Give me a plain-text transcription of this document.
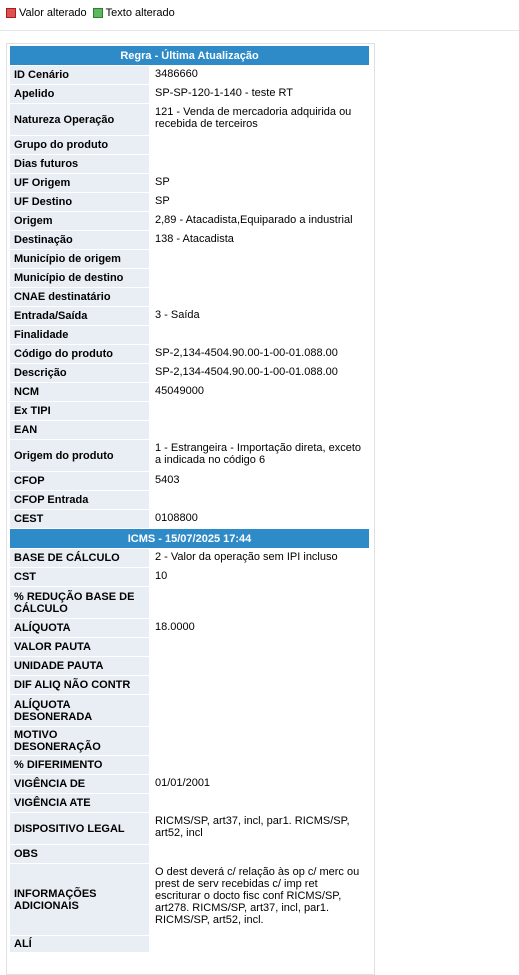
Valor alterado Texto alterado
Regra - Última Atualização	
ID Cenário	3486660
Apelido	SP-SP-120-1-140 - teste RT
Natureza Operação	121 - Venda de mercadoria adquirida ou recebida de terceiros
Grupo do produto	
Dias futuros	
UF Origem	SP
UF Destino	SP
Origem	2,89 - Atacadista,Equiparado a industrial
Destinação	138 - Atacadista
Município de origem	
Município de destino	
CNAE destinatário	
Entrada/Saída	3 - Saída
Finalidade	
Código do produto	SP-2,134-4504.90.00-1-00-01.088.00
Descrição	SP-2,134-4504.90.00-1-00-01.088.00
NCM	45049000
Ex TIPI	
EAN	
Origem do produto	1 - Estrangeira - Importação direta, exceto a indicada no código 6
CFOP	5403
CFOP Entrada	
CEST	0108800
ICMS - 15/07/2025 17:44	
BASE DE CÁLCULO	2 - Valor da operação sem IPI incluso
CST	10
% REDUÇÃO BASE DE CÁLCULO	
ALÍQUOTA	18.0000
VALOR PAUTA	
UNIDADE PAUTA	
DIF ALIQ NÃO CONTR	
ALÍQUOTA DESONERADA	
MOTIVO DESONERAÇÃO	
% DIFERIMENTO	
VIGÊNCIA DE	01/01/2001
VIGÊNCIA ATE	
DISPOSITIVO LEGAL	RICMS/SP, art37, incl, par1. RICMS/SP, art52, incl
OBS	
INFORMAÇÕES ADICIONAIS	O dest deverá c/ relação às op c/ merc ou prest de serv recebidas c/ imp ret escriturar o docto fisc conf RICMS/SP, art278. RICMS/SP, art37, incl, par1. RICMS/SP, art52, incl.
ALÍ	
